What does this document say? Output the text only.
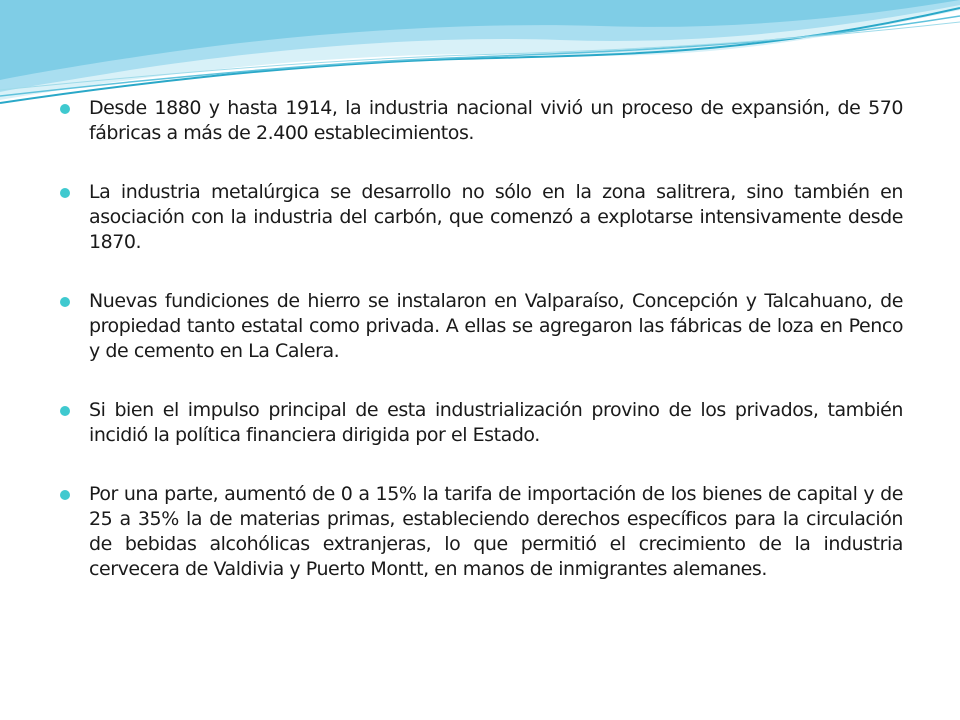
Desde 1880 y hasta 1914, la industria nacional vivió un proceso de expansión, de 570 fábricas a más de 2.400 establecimientos.
La industria metalúrgica se desarrollo no sólo en la zona salitrera, sino también en asociación con la industria del carbón, que comenzó a explotarse intensivamente desde 1870.
Nuevas fundiciones de hierro se instalaron en Valparaíso, Concepción y Talcahuano, de propiedad tanto estatal como privada. A ellas se agregaron las fábricas de loza en Penco y de cemento en La Calera.
Si bien el impulso principal de esta industrialización provino de los privados, también incidió la política financiera dirigida por el Estado.
Por una parte, aumentó de 0 a 15% la tarifa de importación de los bienes de capital y de 25 a 35% la de materias primas, estableciendo derechos específicos para la circulación de bebidas alcohólicas extranjeras, lo que permitió el crecimiento de la industria cervecera de Valdivia y Puerto Montt, en manos de inmigrantes alemanes.
